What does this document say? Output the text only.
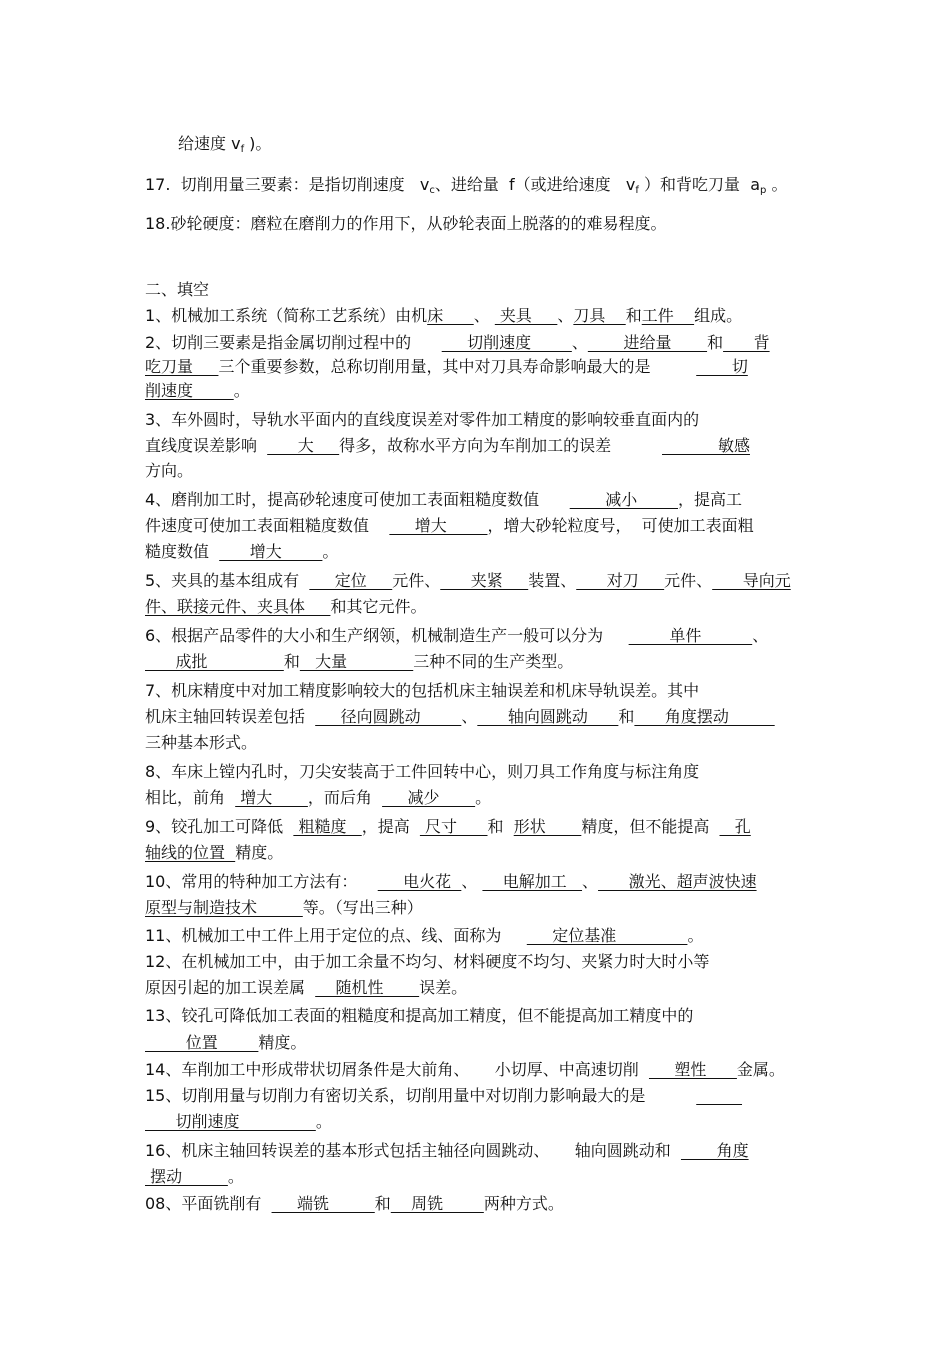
给速度 $v_f$ )。
17.  切削用量三要素：是指切削速度   $v_c$、进给量  f（或进给速度   $v_f$ ）和背吃刀量  $a_p$ 。
18.砂轮硬度：磨粒在磨削力的作用下，从砂轮表面上脱落的的难易程度。
二、填空
1、机械加工系统（简称工艺系统）由机床      、  夹具     、刀具    和工件    组成。
2、切削三要素是指金属切削过程中的           切削速度        、       进给量       和      背
吃刀量     三个重要参数，总称切削用量，其中对刀具寿命影响最大的是                切
削速度        。
3、车外圆时，导轨水平面内的直线度误差对零件加工精度的影响较垂直面内的
直线度误差影响        大     得多，故称水平方向为车削加工的误差                     敏感
方向。
4、磨削加工时，提高砂轮速度可使加工表面粗糙度数值             减小        ，提高工
件速度可使加工表面粗糙度数值         增大        ，增大砂轮粒度号，  可使加工表面粗
糙度数值        增大        。
5、夹具的基本组成有       定位     元件、      夹紧     装置、      对刀     元件、      导向元
件、联接元件、夹具体     和其它元件。
6、根据产品零件的大小和生产纲领，机械制造生产一般可以分为             单件          、
成批               和   大量             三种不同的生产类型。
7、机床精度中对加工精度影响较大的包括机床主轴误差和机床导轨误差。其中
机床主轴回转误差包括       径向圆跳动        、      轴向圆跳动      和      角度摆动
三种基本形式。
8、车床上镗内孔时，刀尖安装高于工件回转中心，则刀具工作角度与标注角度
相比，前角   增大       ，而后角       减少       。
9、铰孔加工可降低   粗糙度   ，提高   尺寸      和  形状       精度，但不能提高     孔
轴线的位置  精度。
10、常用的特种加工方法有：         电火花  、     电解加工   、      激光、超声波快速
原型与制造技术         等。（写出三种）
11、机械加工中工件上用于定位的点、线、面称为          定位基准              。
12、在机械加工中，由于加工余量不均匀、材料硬度不均匀、夹紧力时大时小等
原因引起的加工误差属      随机性       误差。
13、铰孔可降低加工表面的粗糙度和提高加工精度，但不能提高加工精度中的
位置        精度。
14、车削加工中形成带状切屑条件是大前角、     小切厚、中高速切削       塑性      金属。
15、切削用量与切削力有密切关系，切削用量中对切削力影响最大的是
切削速度               。
16、机床主轴回转误差的基本形式包括主轴径向圆跳动、     轴向圆跳动和         角度
摆动         。
08、平面铣削有       端铣         和    周铣        两种方式。
